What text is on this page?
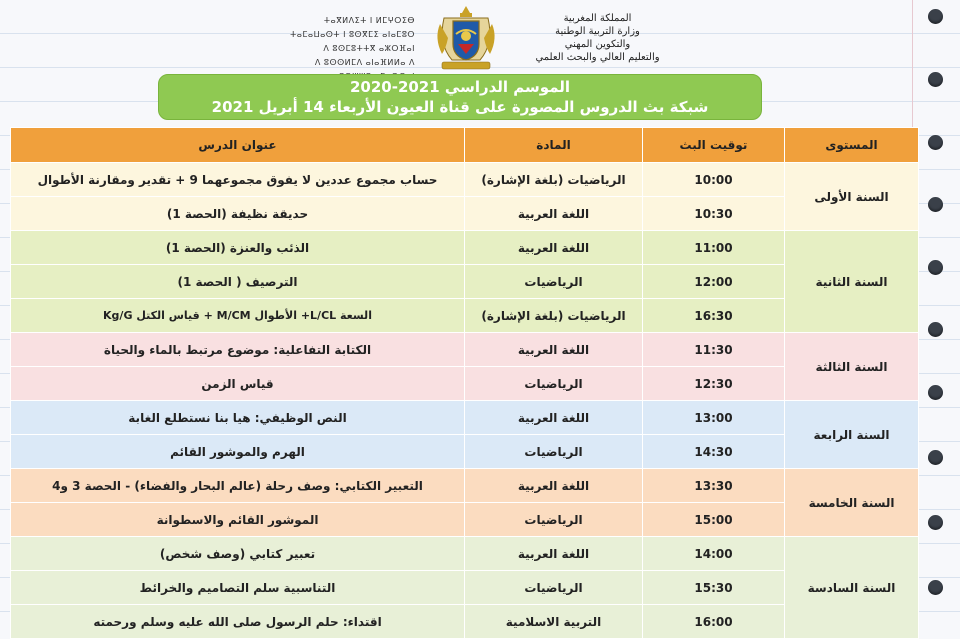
ⵜⴰⴳⵍⴷⵉⵜ ⵏ ⵍⵎⵖⵔⵉⴱ
ⵜⴰⵎⴰⵡⴰⵙⵜ ⵏ ⵓⵙⴳⵎⵉ ⴰⵏⴰⵎⵓⵔ
ⴷ ⵓⵙⵎⵓⵜⵜⴳ ⴰⵣⵔⴼⴰⵏ
ⴷ ⵓⵙⵙⵍⵎⴷ ⴰⵏⴰⴼⵍⵍⴰ ⴷ
المملكة المغربية
وزارة التربية الوطنية
والتكوين المهني
والتعليم العالي والبحث العلمي
الموسم الدراسي 2021-2020
شبكة بث الدروس المصورة على قناة العيون الأربعاء 14 أبريل 2021
المستوى	توقيت البث	المادة	عنوان الدرس
السنة الأولى	10:00	الرياضيات (بلغة الإشارة)	حساب مجموع عددين لا يفوق مجموعهما 9 + تقدير ومقارنة الأطوال
	10:30	اللغة العربية	حديقة نظيفة (الحصة 1)
السنة الثانية	11:00	اللغة العربية	الذئب والعنزة (الحصة 1)
	12:00	الرياضيات	الترصيف ( الحصة 1)
	16:30	الرياضيات (بلغة الإشارة)	السعة L/CL+ الأطوال M/CM + قياس الكتل Kg/G
السنة الثالثة	11:30	اللغة العربية	الكتابة التفاعلية: موضوع مرتبط بالماء والحياة
	12:30	الرياضيات	قياس الزمن
السنة الرابعة	13:00	اللغة العربية	النص الوظيفي: هيا بنا نستطلع الغابة
	14:30	الرياضيات	الهرم والموشور القائم
السنة الخامسة	13:30	اللغة العربية	التعبير الكتابي: وصف رحلة (عالم البحار والفضاء) - الحصة 3 و4
	15:00	الرياضيات	الموشور القائم والاسطوانة
السنة السادسة	14:00	اللغة العربية	تعبير كتابي (وصف شخص)
	15:30	الرياضيات	التناسبية سلم التصاميم والخرائط
	16:00	التربية الاسلامية	اقتداء: حلم الرسول صلى الله عليه وسلم ورحمته
